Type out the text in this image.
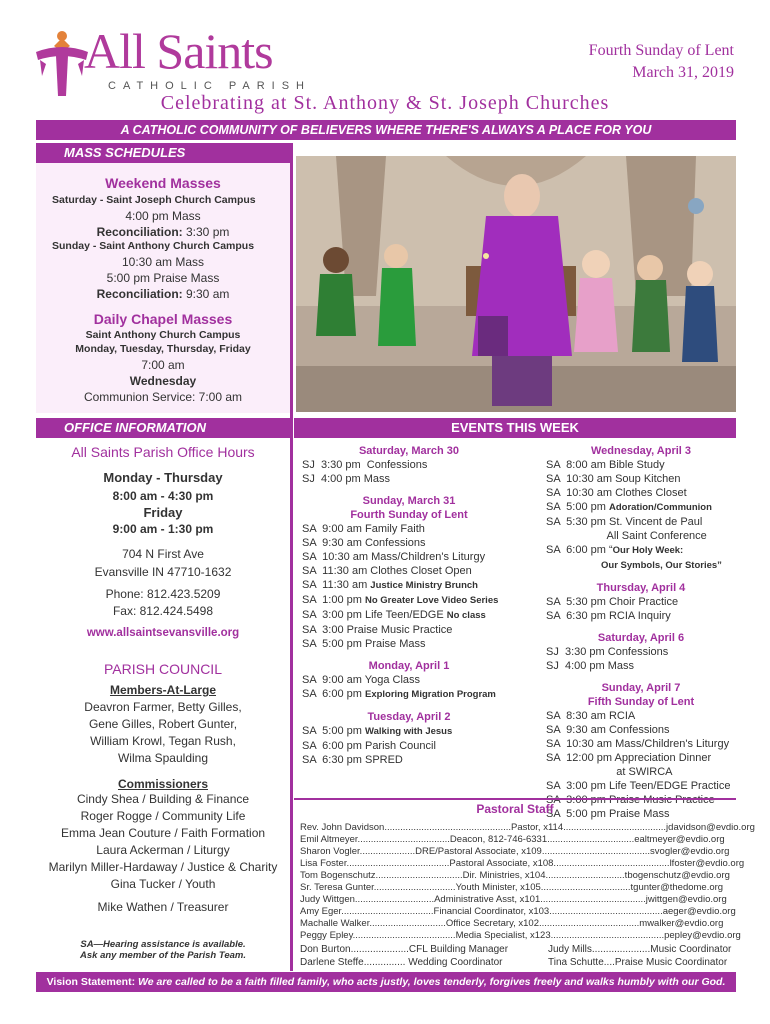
All Saints
CATHOLIC PARISH
Fourth Sunday of Lent
March 31, 2019
Celebrating at St. Anthony & St. Joseph Churches
A CATHOLIC COMMUNITY OF BELIEVERS WHERE THERE'S ALWAYS A PLACE FOR YOU
MASS SCHEDULES
Weekend Masses
Saturday - Saint Joseph Church Campus
4:00 pm Mass
Reconciliation: 3:30 pm
Sunday - Saint Anthony Church Campus
10:30 am Mass
5:00 pm Praise Mass
Reconciliation: 9:30 am
Daily Chapel Masses
Saint Anthony Church Campus
Monday, Tuesday, Thursday, Friday
7:00 am
Wednesday
Communion Service: 7:00 am
OFFICE INFORMATION
All Saints Parish Office Hours
Monday - Thursday
8:00 am - 4:30 pm
Friday
9:00 am - 1:30 pm
704 N First Ave
Evansville IN 47710-1632
Phone: 812.423.5209
Fax: 812.424.5498
www.allsaintsevansville.org
PARISH COUNCIL
Members-At-Large
Deavron Farmer, Betty Gilles,
Gene Gilles, Robert Gunter,
William Krowl, Tegan Rush,
Wilma Spaulding
Commissioners
Cindy Shea / Building & Finance
Roger Rogge / Community Life
Emma Jean Couture / Faith Formation
Laura Ackerman / Liturgy
Marilyn Miller-Hardaway / Justice & Charity
Gina Tucker / Youth
Mike Wathen / Treasurer
SA—Hearing assistance is available.
Ask any member of the Parish Team.
EVENTS THIS WEEK
Saturday, March 30
SJ  3:30 pm  Confessions
SJ  4:00 pm Mass
Sunday, March 31
Fourth Sunday of Lent
SA  9:00 am Family Faith
SA  9:30 am Confessions
SA  10:30 am Mass/Children's Liturgy
SA  11:30 am Clothes Closet Open
SA  11:30 am Justice Ministry Brunch
SA  1:00 pm No Greater Love Video Series
SA  3:00 pm Life Teen/EDGE No class
SA  3:00 Praise Music Practice
SA  5:00 pm Praise Mass
Monday, April 1
SA  9:00 am Yoga Class
SA  6:00 pm Exploring Migration Program
Tuesday, April 2
SA  5:00 pm Walking with Jesus
SA  6:00 pm Parish Council
SA  6:30 pm SPRED
Wednesday, April 3
SA  8:00 am Bible Study
SA  10:30 am Soup Kitchen
SA  10:30 am Clothes Closet
SA  5:00 pm Adoration/Communion
SA  5:30 pm St. Vincent de Paul
All Saint Conference
SA  6:00 pm “Our Holy Week:
Our Symbols, Our Stories”
Thursday, April 4
SA  5:30 pm Choir Practice
SA  6:30 pm RCIA Inquiry
Saturday, April 6
SJ  3:30 pm Confessions
SJ  4:00 pm Mass
Sunday, April 7
Fifth Sunday of Lent
SA  8:30 am RCIA
SA  9:30 am Confessions
SA  10:30 am Mass/Children's Liturgy
SA  12:00 pm Appreciation Dinner
at SWIRCA
SA  3:00 pm Life Teen/EDGE Practice
SA  3:00 pm Praise Music Practice
SA  5:00 pm Praise Mass
Pastoral Staff
Rev. John Davidson................................................Pastor, x114.......................................jdavidson@evdio.org
Emil Altmeyer...................................Deacon, 812-746-6331.................................ealtmeyer@evdio.org
Sharon Vogler.....................DRE/Pastoral Associate, x109.........................................svogler@evdio.org
Lisa Foster.......................................Pastoral Associate, x108............................................lfoster@evdio.org
Tom Bogenschutz.................................Dir. Ministries, x104..............................tbogenschutz@evdio.org
Sr. Teresa Gunter...............................Youth Minister, x105..................................tgunter@thedome.org
Judy Wittgen..............................Administrative Asst, x101........................................jwittgen@evdio.org
Amy Eger...................................Financial Coordinator, x103...........................................aeger@evdio.org
Machalle Walker.............................Office Secretary, x102......................................mwalker@evdio.org
Peggy Epley.......................................Media Specialist, x123...........................................pepley@evdio.org
Don Burton.....................CFL Building Manager
Darlene Steffe............... Wedding Coordinator
Judy Mills.....................Music Coordinator
Tina Schutte....Praise Music Coordinator
Vision Statement: We are called to be a faith filled family, who acts justly, loves tenderly, forgives freely and walks humbly with our God.
